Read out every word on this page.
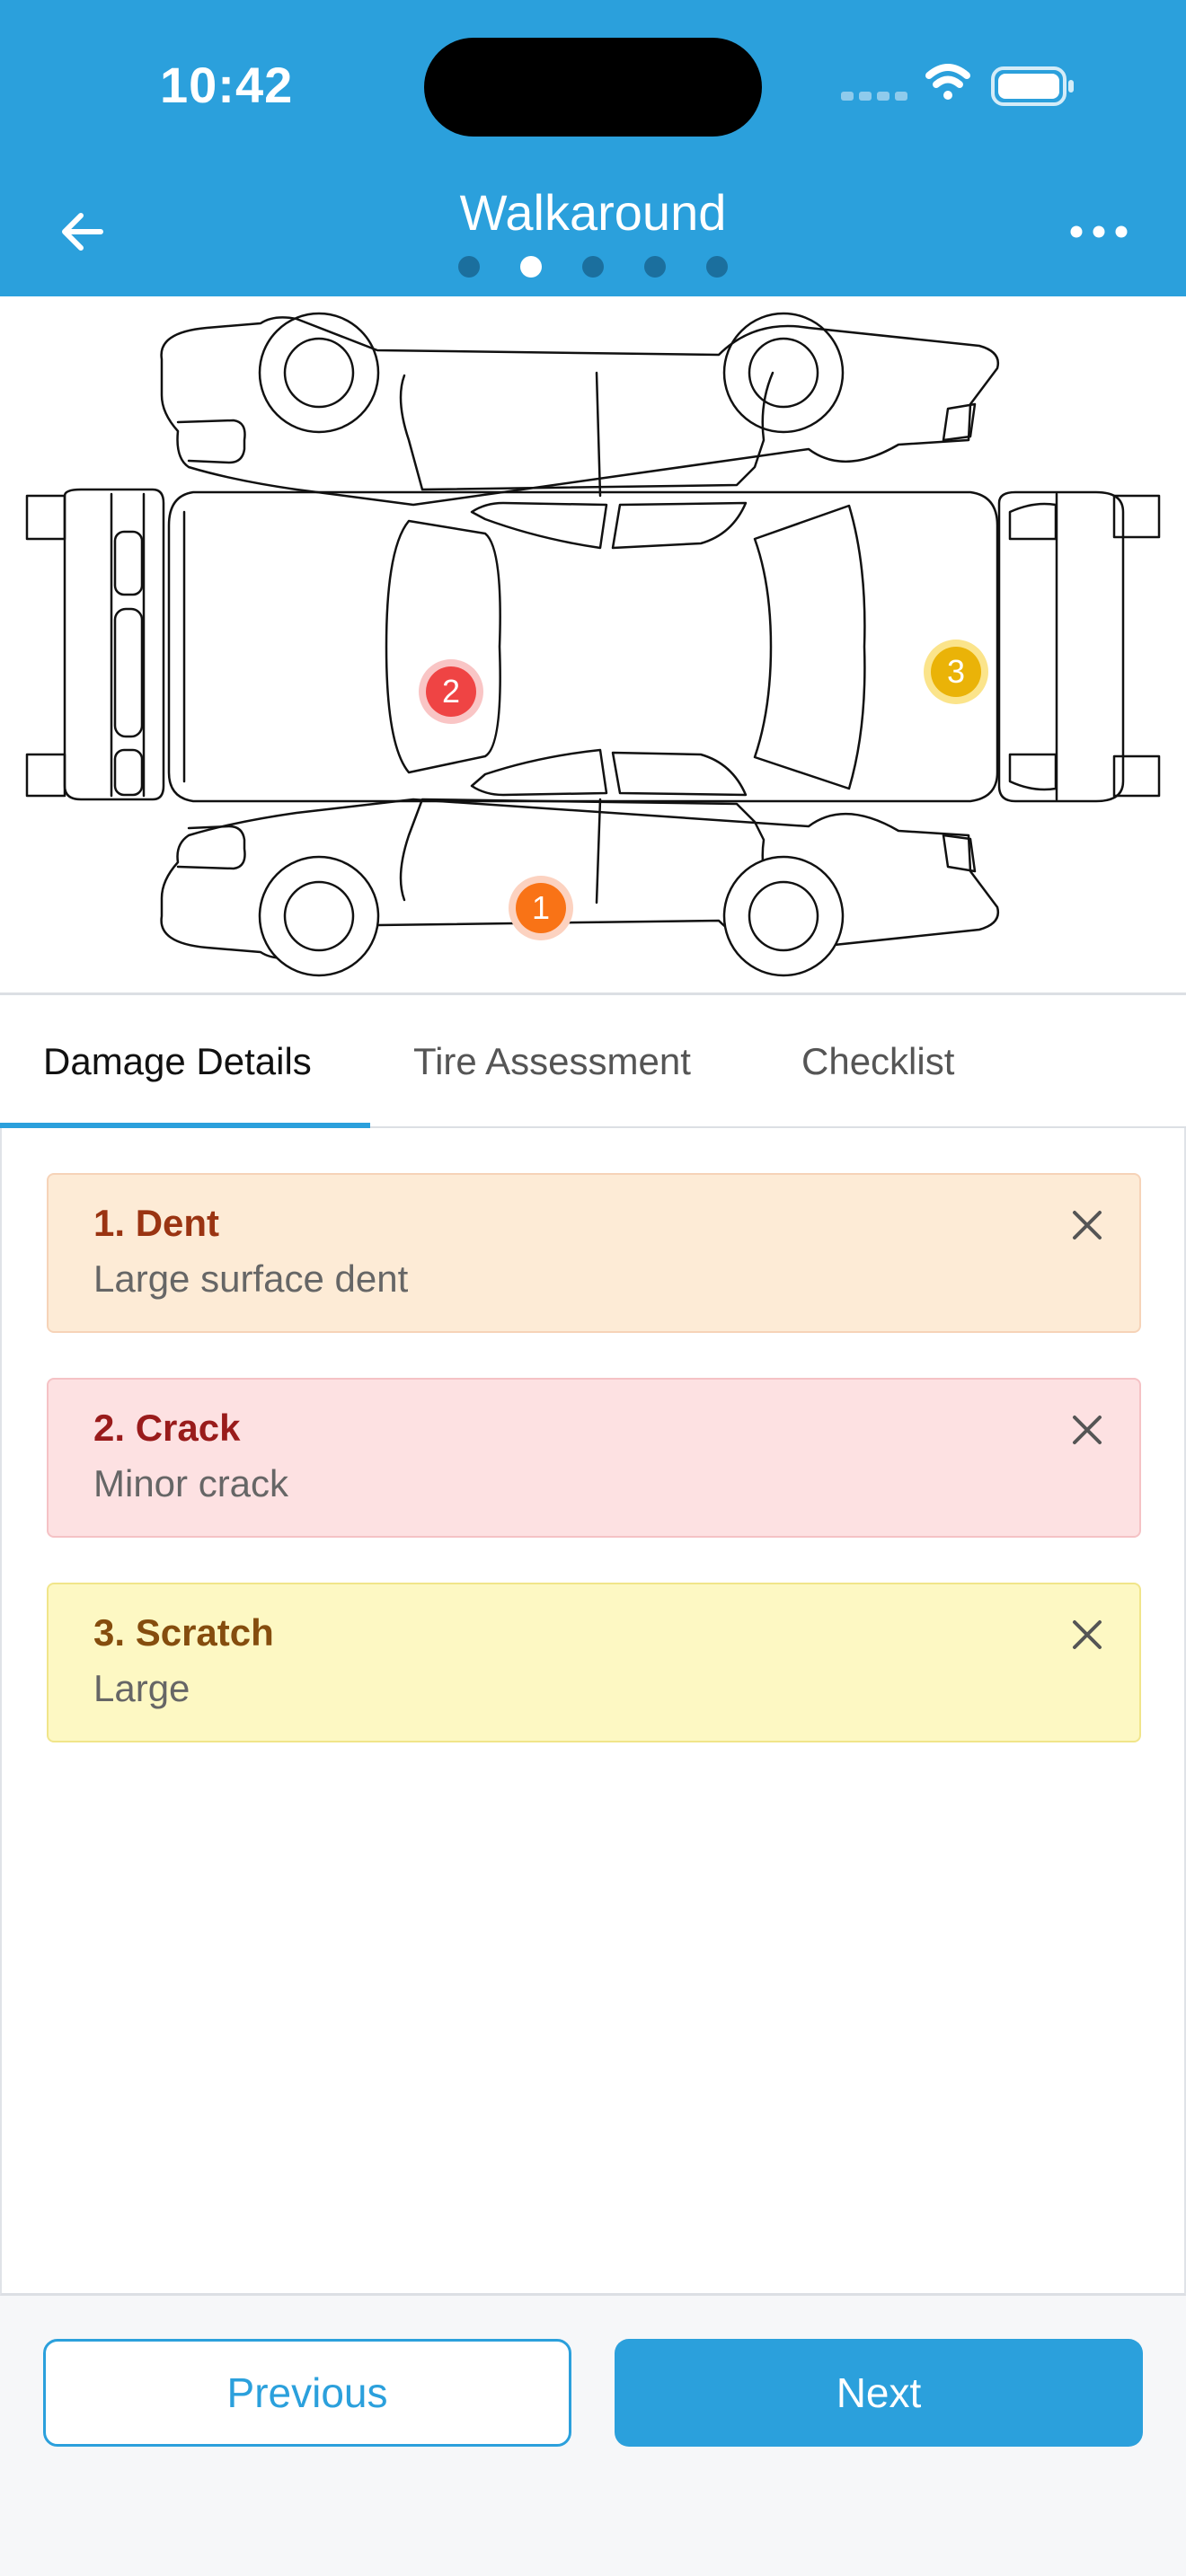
10:42
Walkaround
1
2
3
Damage Details	Tire Assessment	Checklist
1. Dent
Large surface dent
2. Crack
Minor crack
3. Scratch
Large
Previous	Next
